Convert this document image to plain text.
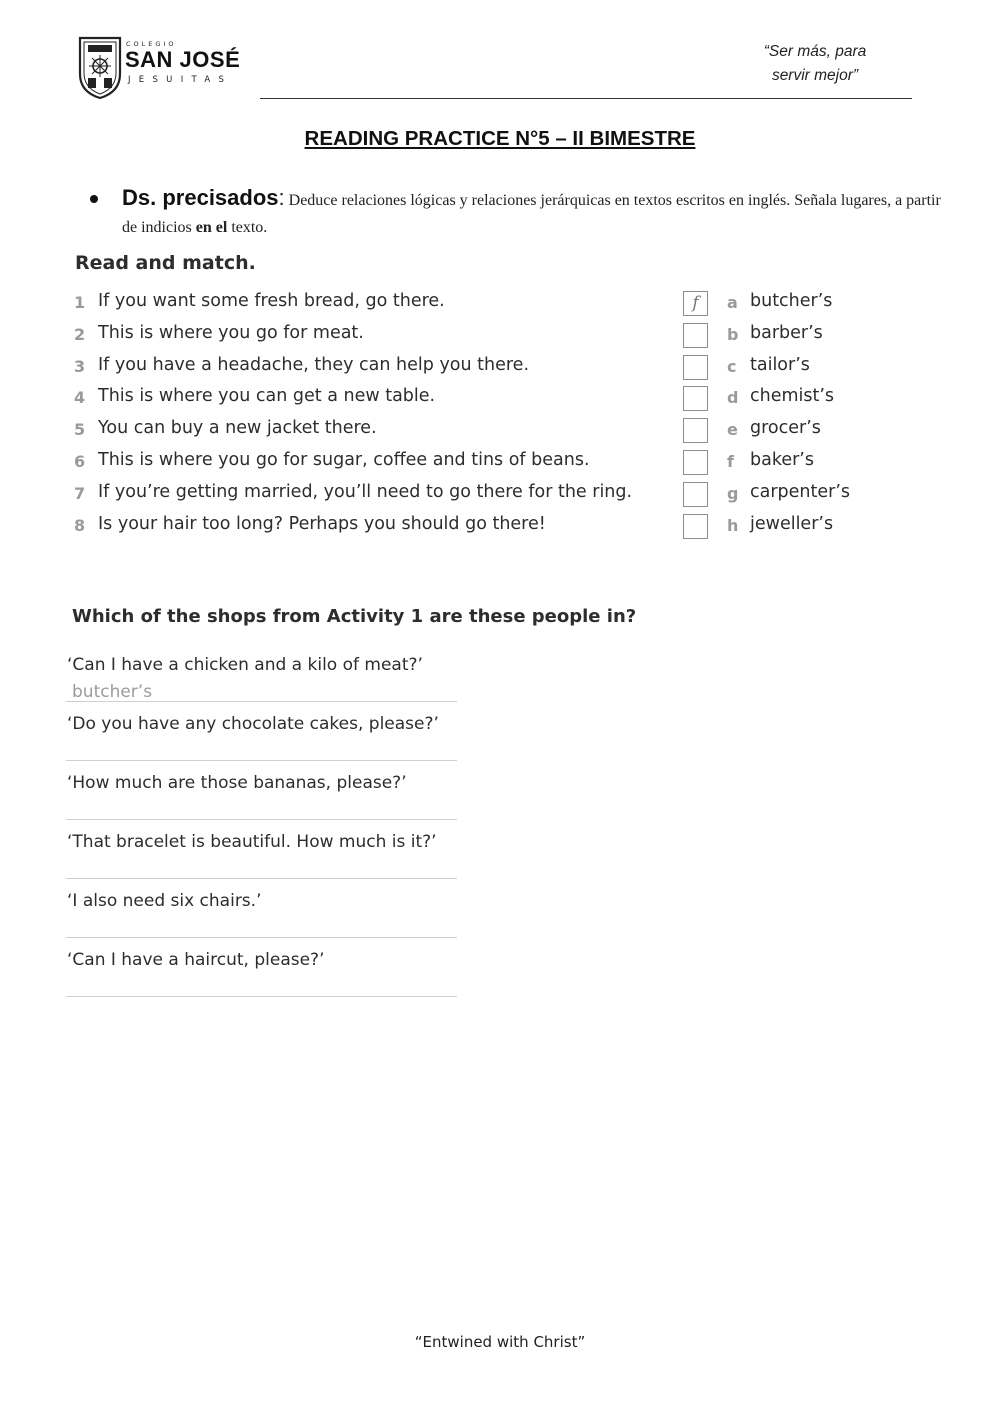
COLEGIO
SAN JOSÉ
JESUITAS
“Ser más, para
servir mejor”
READING PRACTICE N°5 – II BIMESTRE
Ds. precisados: Deduce relaciones lógicas y relaciones jerárquicas en textos escritos en inglés. Señala lugares, a partir de indicios en el texto.
Read and match.
1 If you want some fresh bread, go there.	f	a butcher’s
2 This is where you go for meat.	b barber’s
3 If you have a headache, they can help you there.	c tailor’s
4 This is where you can get a new table.	d chemist’s
5 You can buy a new jacket there.	e grocer’s
6 This is where you go for sugar, coffee and tins of beans.	f baker’s
7 If you’re getting married, you’ll need to go there for the ring.	g carpenter’s
8 Is your hair too long? Perhaps you should go there!	h jeweller’s
Which of the shops from Activity 1 are these people in?
‘Can I have a chicken and a kilo of meat?’
butcher’s
‘Do you have any chocolate cakes, please?’
‘How much are those bananas, please?’
‘That bracelet is beautiful. How much is it?’
‘I also need six chairs.’
‘Can I have a haircut, please?’
“Entwined with Christ”
